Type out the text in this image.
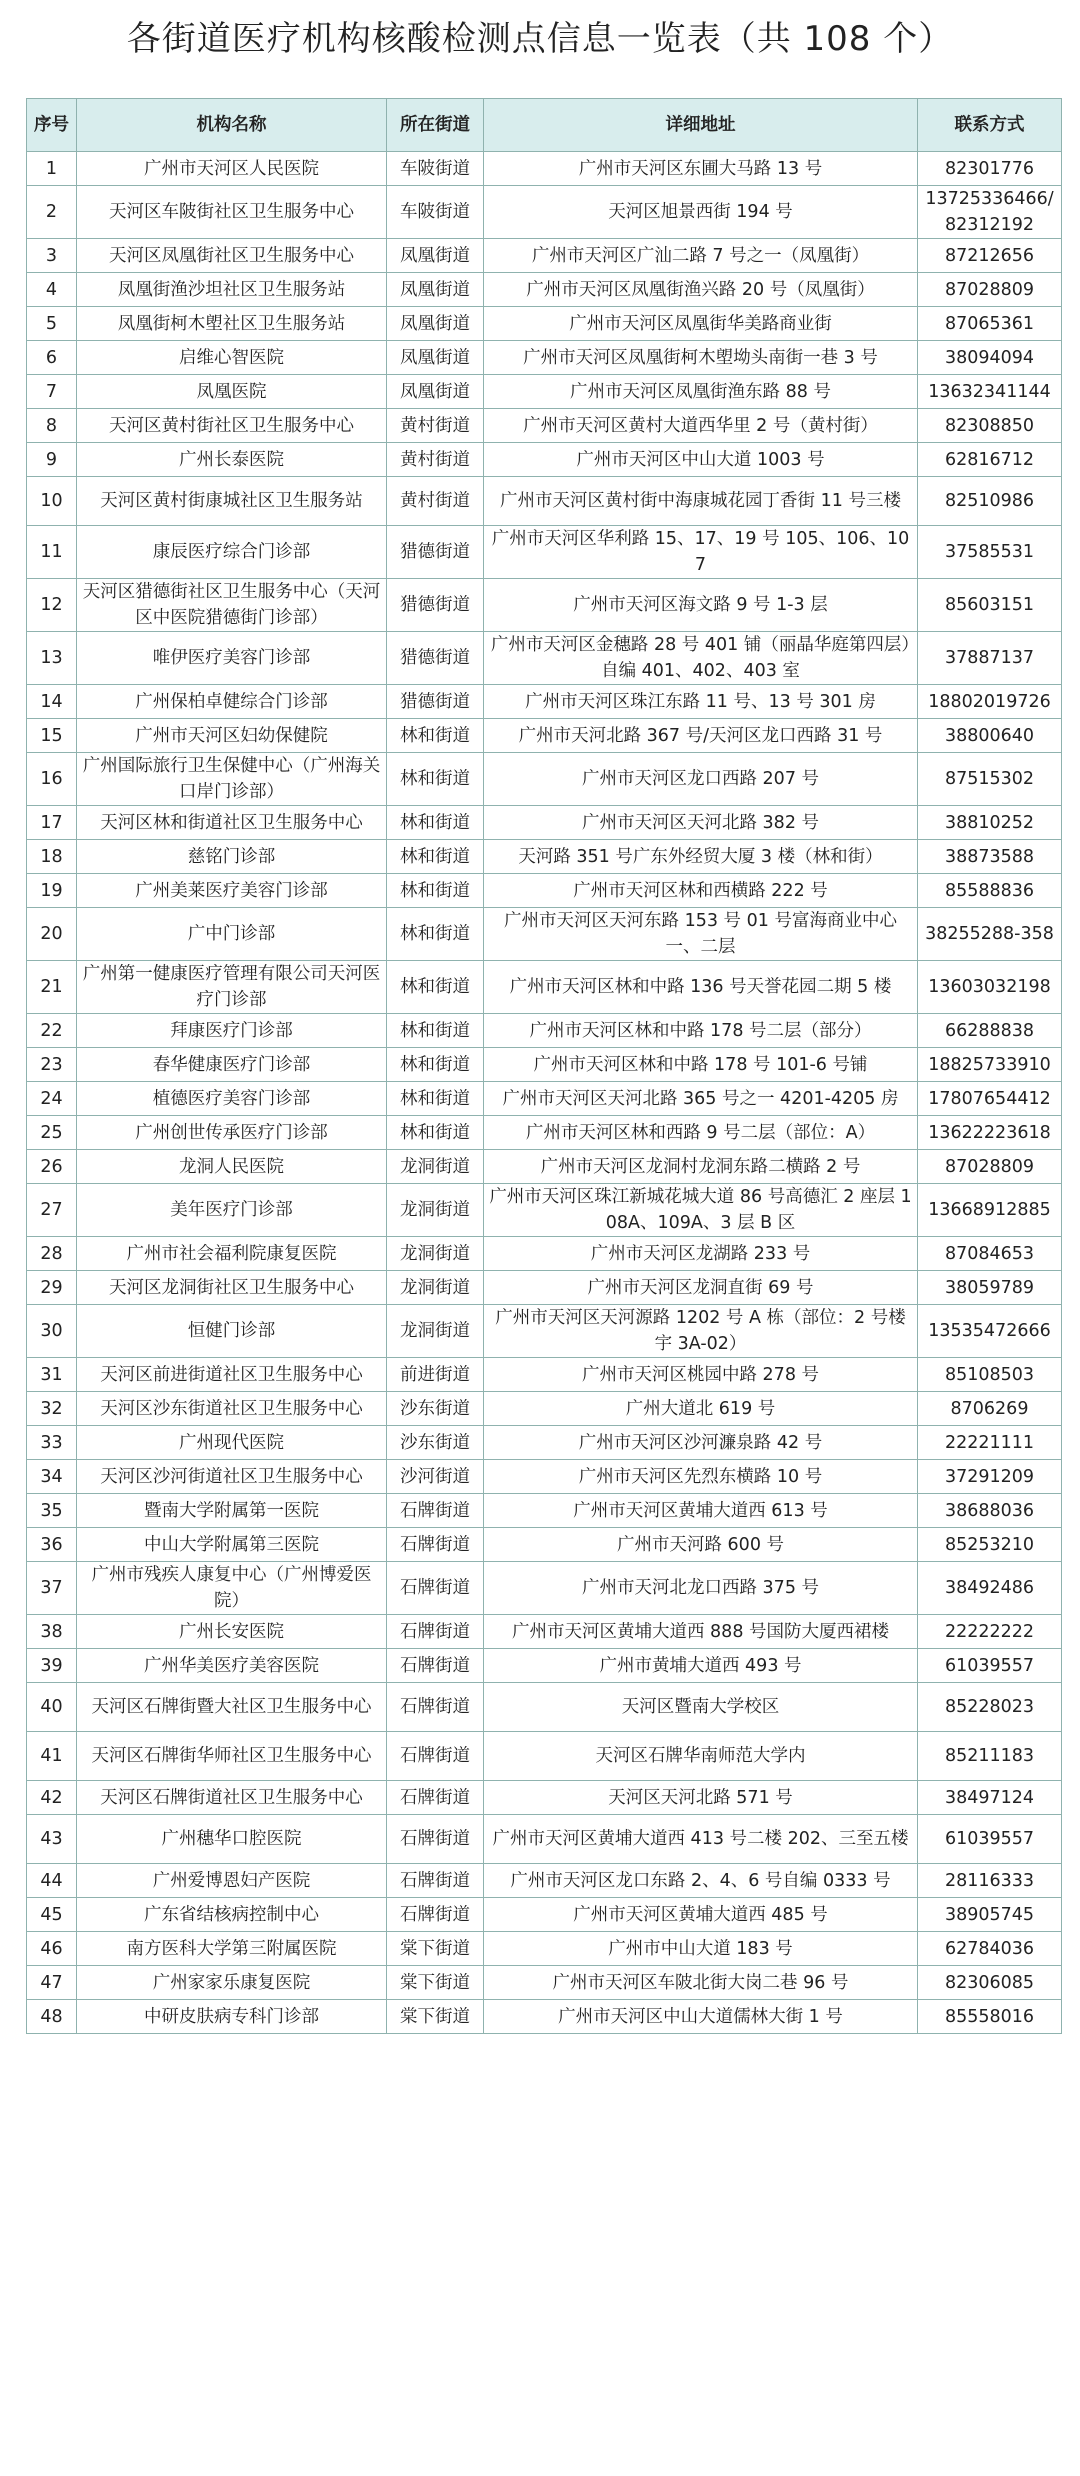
各街道医疗机构核酸检测点信息一览表（共 108 个）
序号	机构名称	所在街道	详细地址	联系方式
1	广州市天河区人民医院	车陂街道	广州市天河区东圃大马路 13 号	82301776
2	天河区车陂街社区卫生服务中心	车陂街道	天河区旭景西街 194 号	13725336466/82312192
3	天河区凤凰街社区卫生服务中心	凤凰街道	广州市天河区广汕二路 7 号之一（凤凰街）	87212656
4	凤凰街渔沙坦社区卫生服务站	凤凰街道	广州市天河区凤凰街渔兴路 20 号（凤凰街）	87028809
5	凤凰街柯木塱社区卫生服务站	凤凰街道	广州市天河区凤凰街华美路商业街	87065361
6	启维心智医院	凤凰街道	广州市天河区凤凰街柯木塱坳头南街一巷 3 号	38094094
7	凤凰医院	凤凰街道	广州市天河区凤凰街渔东路 88 号	13632341144
8	天河区黄村街社区卫生服务中心	黄村街道	广州市天河区黄村大道西华里 2 号（黄村街）	82308850
9	广州长泰医院	黄村街道	广州市天河区中山大道 1003 号	62816712
10	天河区黄村街康城社区卫生服务站	黄村街道	广州市天河区黄村街中海康城花园丁香街 11 号三楼	82510986
11	康辰医疗综合门诊部	猎德街道	广州市天河区华利路 15、17、19 号 105、106、107	37585531
12	天河区猎德街社区卫生服务中心（天河区中医院猎德街门诊部）	猎德街道	广州市天河区海文路 9 号 1-3 层	85603151
13	唯伊医疗美容门诊部	猎德街道	广州市天河区金穗路 28 号 401 铺（丽晶华庭第四层）自编 401、402、403 室	37887137
14	广州保柏卓健综合门诊部	猎德街道	广州市天河区珠江东路 11 号、13 号 301 房	18802019726
15	广州市天河区妇幼保健院	林和街道	广州市天河北路 367 号/天河区龙口西路 31 号	38800640
16	广州国际旅行卫生保健中心（广州海关口岸门诊部）	林和街道	广州市天河区龙口西路 207 号	87515302
17	天河区林和街道社区卫生服务中心	林和街道	广州市天河区天河北路 382 号	38810252
18	慈铭门诊部	林和街道	天河路 351 号广东外经贸大厦 3 楼（林和街）	38873588
19	广州美莱医疗美容门诊部	林和街道	广州市天河区林和西横路 222 号	85588836
20	广中门诊部	林和街道	广州市天河区天河东路 153 号 01 号富海商业中心一、二层	38255288-358
21	广州第一健康医疗管理有限公司天河医疗门诊部	林和街道	广州市天河区林和中路 136 号天誉花园二期 5 楼	13603032198
22	拜康医疗门诊部	林和街道	广州市天河区林和中路 178 号二层（部分）	66288838
23	春华健康医疗门诊部	林和街道	广州市天河区林和中路 178 号 101-6 号铺	18825733910
24	植德医疗美容门诊部	林和街道	广州市天河区天河北路 365 号之一 4201-4205 房	17807654412
25	广州创世传承医疗门诊部	林和街道	广州市天河区林和西路 9 号二层（部位：A）	13622223618
26	龙洞人民医院	龙洞街道	广州市天河区龙洞村龙洞东路二横路 2 号	87028809
27	美年医疗门诊部	龙洞街道	广州市天河区珠江新城花城大道 86 号高德汇 2 座层 108A、109A、3 层 B 区	13668912885
28	广州市社会福利院康复医院	龙洞街道	广州市天河区龙湖路 233 号	87084653
29	天河区龙洞街社区卫生服务中心	龙洞街道	广州市天河区龙洞直街 69 号	38059789
30	恒健门诊部	龙洞街道	广州市天河区天河源路 1202 号 A 栋（部位：2 号楼宇 3A-02）	13535472666
31	天河区前进街道社区卫生服务中心	前进街道	广州市天河区桃园中路 278 号	85108503
32	天河区沙东街道社区卫生服务中心	沙东街道	广州大道北 619 号	8706269
33	广州现代医院	沙东街道	广州市天河区沙河濂泉路 42 号	22221111
34	天河区沙河街道社区卫生服务中心	沙河街道	广州市天河区先烈东横路 10 号	37291209
35	暨南大学附属第一医院	石牌街道	广州市天河区黄埔大道西 613 号	38688036
36	中山大学附属第三医院	石牌街道	广州市天河路 600 号	85253210
37	广州市残疾人康复中心（广州博爱医院）	石牌街道	广州市天河北龙口西路 375 号	38492486
38	广州长安医院	石牌街道	广州市天河区黄埔大道西 888 号国防大厦西裙楼	22222222
39	广州华美医疗美容医院	石牌街道	广州市黄埔大道西 493 号	61039557
40	天河区石牌街暨大社区卫生服务中心	石牌街道	天河区暨南大学校区	85228023
41	天河区石牌街华师社区卫生服务中心	石牌街道	天河区石牌华南师范大学内	85211183
42	天河区石牌街道社区卫生服务中心	石牌街道	天河区天河北路 571 号	38497124
43	广州穗华口腔医院	石牌街道	广州市天河区黄埔大道西 413 号二楼 202、三至五楼	61039557
44	广州爱博恩妇产医院	石牌街道	广州市天河区龙口东路 2、4、6 号自编 0333 号	28116333
45	广东省结核病控制中心	石牌街道	广州市天河区黄埔大道西 485 号	38905745
46	南方医科大学第三附属医院	棠下街道	广州市中山大道 183 号	62784036
47	广州家家乐康复医院	棠下街道	广州市天河区车陂北街大岗二巷 96 号	82306085
48	中研皮肤病专科门诊部	棠下街道	广州市天河区中山大道儒林大街 1 号	85558016
